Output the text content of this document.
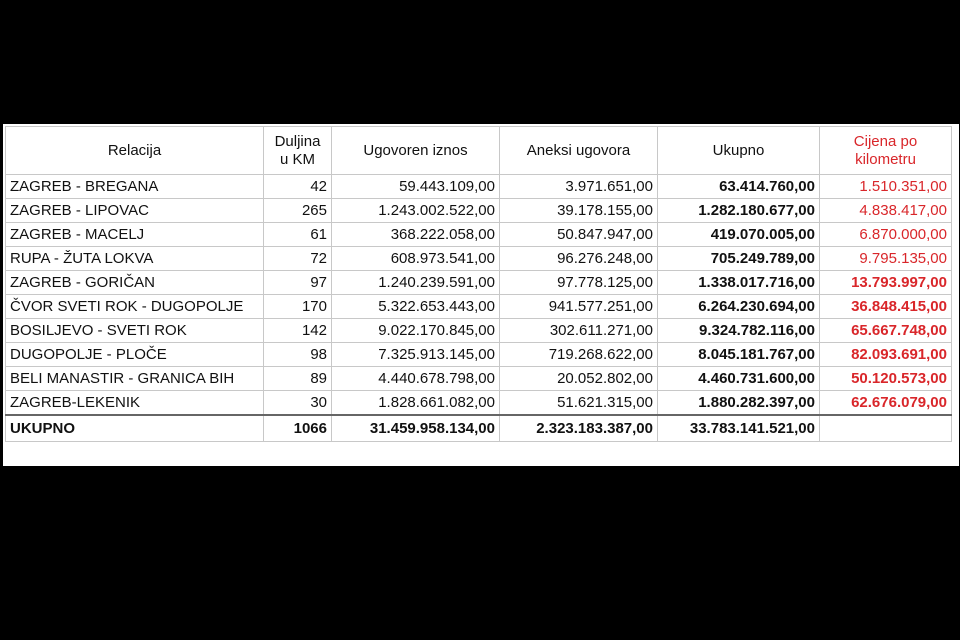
Relacija	Duljina u KM	Ugovoren iznos	Aneksi ugovora	Ukupno	Cijena po kilometru
ZAGREB - BREGANA	42	59.443.109,00	3.971.651,00	63.414.760,00	1.510.351,00
ZAGREB - LIPOVAC	265	1.243.002.522,00	39.178.155,00	1.282.180.677,00	4.838.417,00
ZAGREB - MACELJ	61	368.222.058,00	50.847.947,00	419.070.005,00	6.870.000,00
RUPA - ŽUTA LOKVA	72	608.973.541,00	96.276.248,00	705.249.789,00	9.795.135,00
ZAGREB - GORIČAN	97	1.240.239.591,00	97.778.125,00	1.338.017.716,00	13.793.997,00
ČVOR SVETI ROK - DUGOPOLJE	170	5.322.653.443,00	941.577.251,00	6.264.230.694,00	36.848.415,00
BOSILJEVO - SVETI ROK	142	9.022.170.845,00	302.611.271,00	9.324.782.116,00	65.667.748,00
DUGOPOLJE - PLOČE	98	7.325.913.145,00	719.268.622,00	8.045.181.767,00	82.093.691,00
BELI MANASTIR - GRANICA BIH	89	4.440.678.798,00	20.052.802,00	4.460.731.600,00	50.120.573,00
ZAGREB-LEKENIK	30	1.828.661.082,00	51.621.315,00	1.880.282.397,00	62.676.079,00
UKUPNO	1066	31.459.958.134,00	2.323.183.387,00	33.783.141.521,00	
